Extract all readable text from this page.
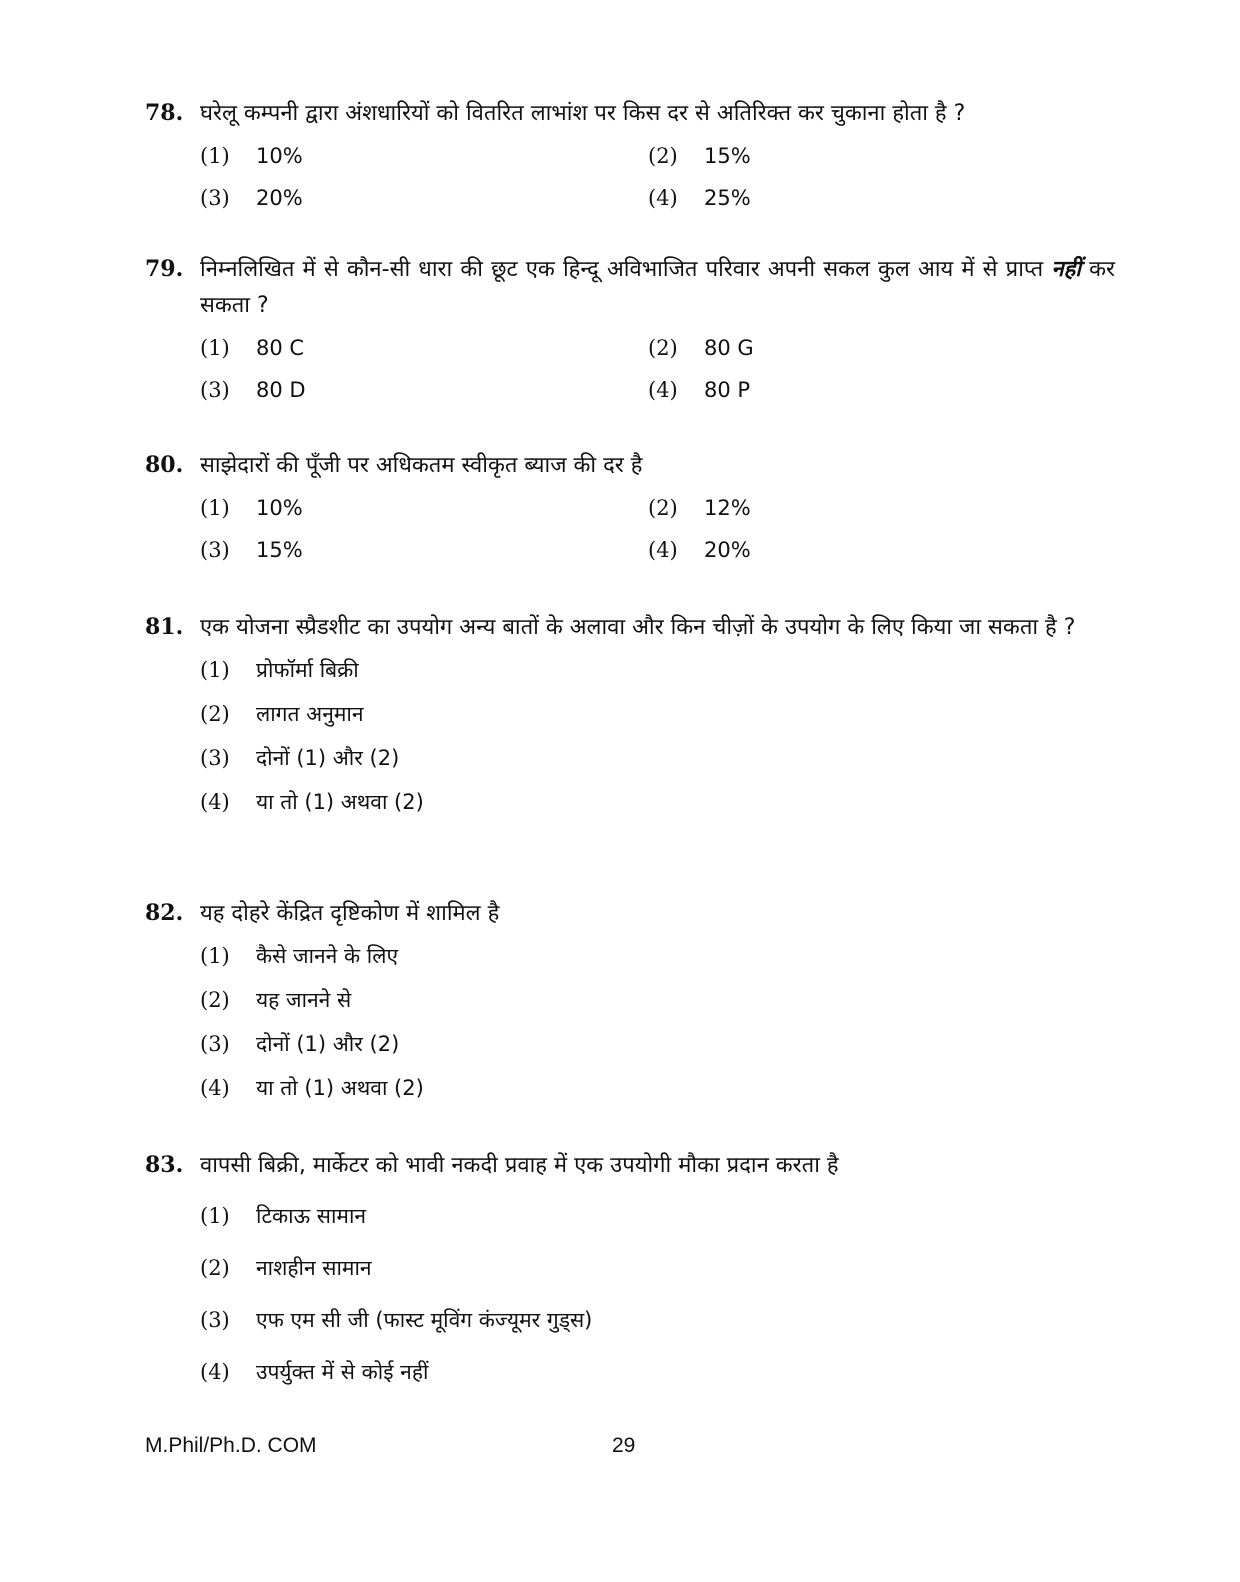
78. घरेलू कम्पनी द्वारा अंशधारियों को वितरित लाभांश पर किस दर से अतिरिक्त कर चुकाना होता है ?
(1)	10%	(2)	15%
(3)	20%	(4)	25%
79. निम्नलिखित में से कौन-सी धारा की छूट एक हिन्दू अविभाजित परिवार अपनी सकल कुल आय में से प्राप्त नहीं कर सकता ?
(1)	80 C	(2)	80 G
(3)	80 D	(4)	80 P
80. साझेदारों की पूँजी पर अधिकतम स्वीकृत ब्याज की दर है
(1)	10%	(2)	12%
(3)	15%	(4)	20%
81. एक योजना स्प्रैडशीट का उपयोग अन्य बातों के अलावा और किन चीज़ों के उपयोग के लिए किया जा सकता है ?
(1)	प्रोफॉर्मा बिक्री
(2)	लागत अनुमान
(3)	दोनों (1) और (2)
(4)	या तो (1) अथवा (2)
82. यह दोहरे केंद्रित दृष्टिकोण में शामिल है
(1)	कैसे जानने के लिए
(2)	यह जानने से
(3)	दोनों (1) और (2)
(4)	या तो (1) अथवा (2)
83. वापसी बिक्री, मार्केटर को भावी नकदी प्रवाह में एक उपयोगी मौका प्रदान करता है
(1)	टिकाऊ सामान
(2)	नाशहीन सामान
(3)	एफ एम सी जी (फास्ट मूविंग कंज्यूमर गुड्स)
(4)	उपर्युक्त में से कोई नहीं
M.Phil/Ph.D. COM	29
